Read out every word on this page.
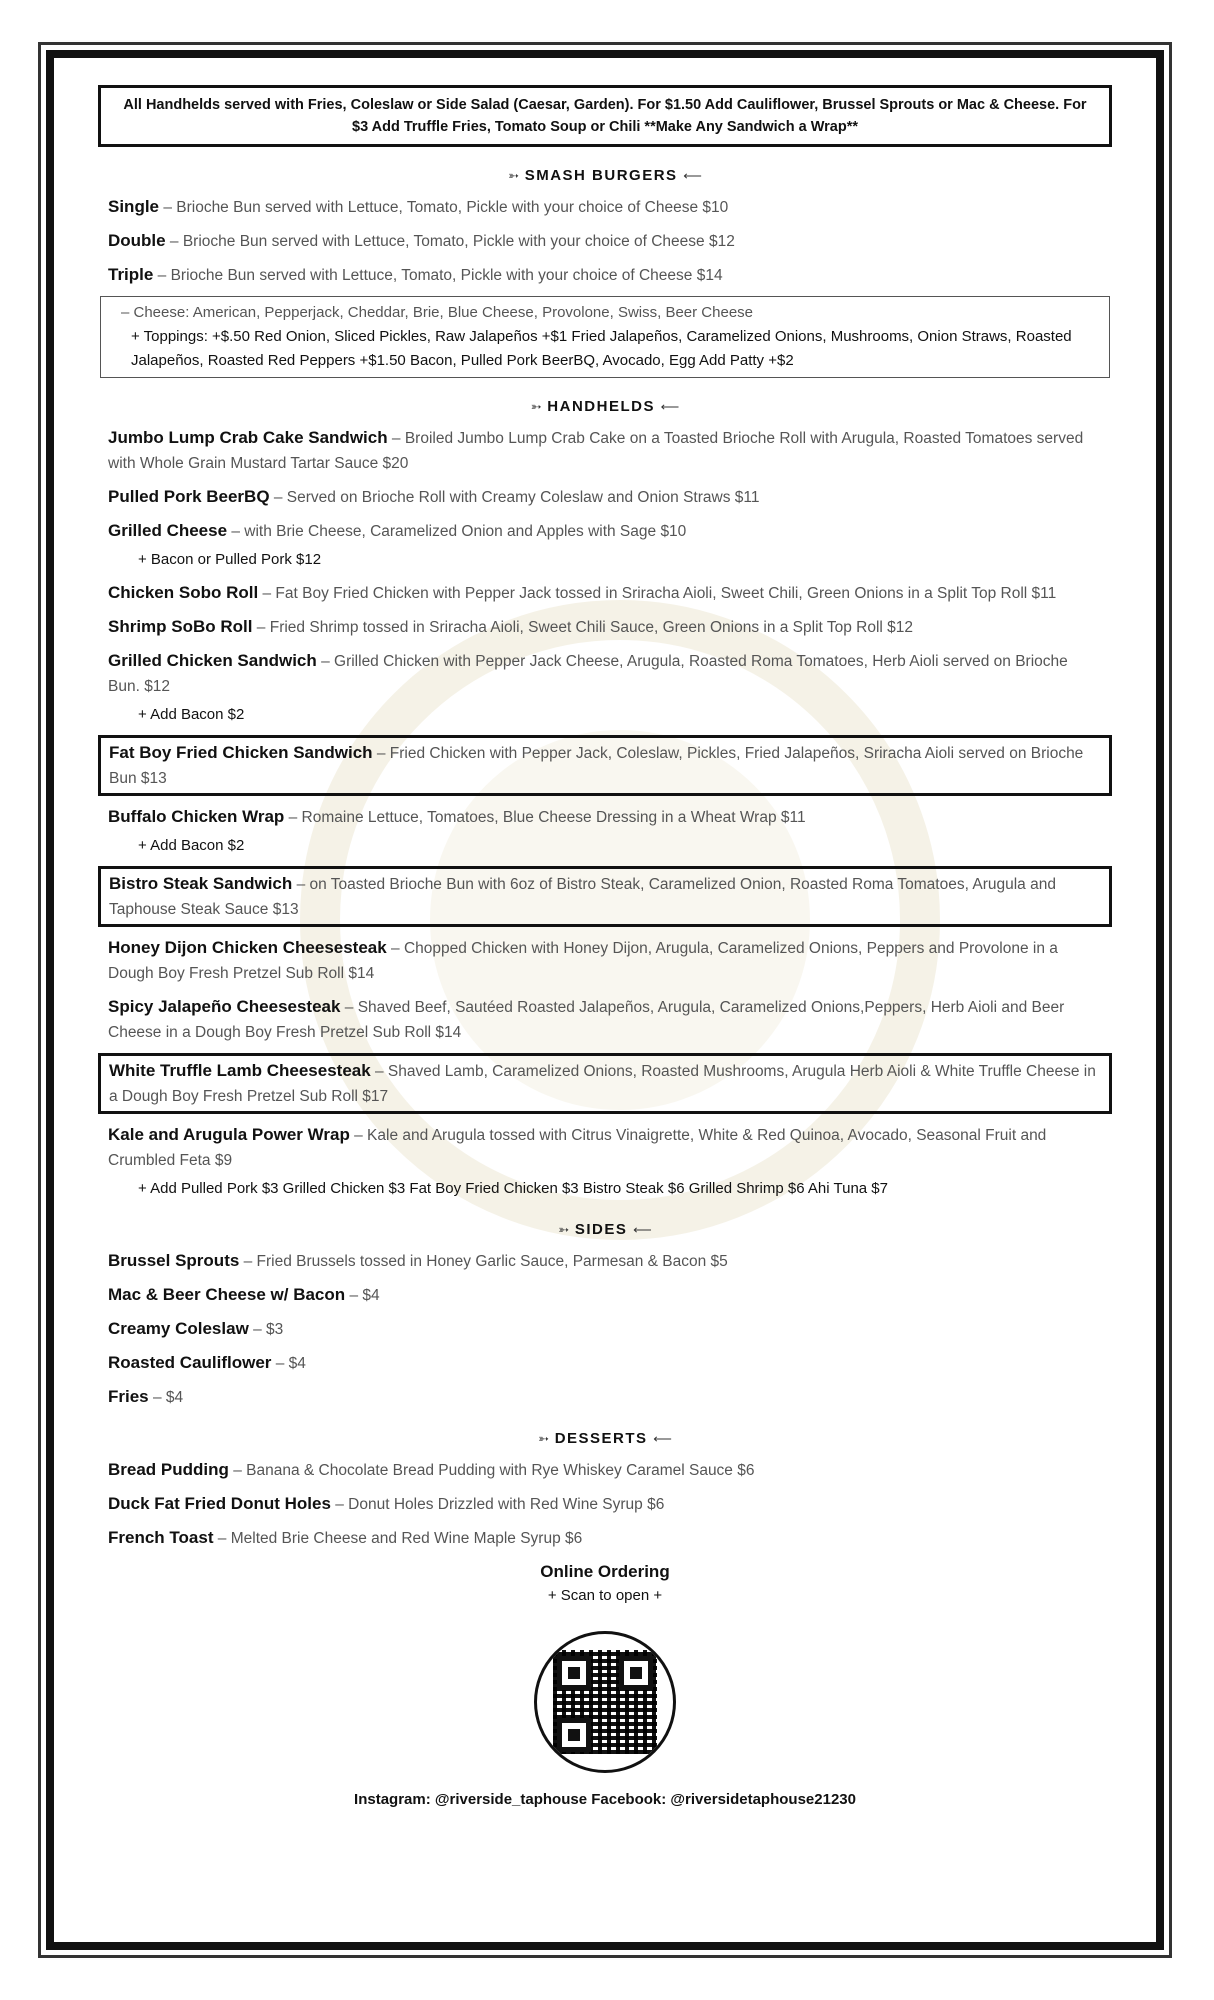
All Handhelds served with Fries, Coleslaw or Side Salad (Caesar, Garden). For $1.50 Add Cauliflower, Brussel Sprouts or Mac & Cheese. For $3 Add Truffle Fries, Tomato Soup or Chili **Make Any Sandwich a Wrap**
➳ SMASH BURGERS ⟵
Single – Brioche Bun served with Lettuce, Tomato, Pickle with your choice of Cheese $10
Double – Brioche Bun served with Lettuce, Tomato, Pickle with your choice of Cheese $12
Triple – Brioche Bun served with Lettuce, Tomato, Pickle with your choice of Cheese $14
– Cheese: American, Pepperjack, Cheddar, Brie, Blue Cheese, Provolone, Swiss, Beer Cheese
+ Toppings: +$.50 Red Onion, Sliced Pickles, Raw Jalapeños +$1 Fried Jalapeños, Caramelized Onions, Mushrooms, Onion Straws, Roasted Jalapeños, Roasted Red Peppers +$1.50 Bacon, Pulled Pork BeerBQ, Avocado, Egg Add Patty +$2
➳ HANDHELDS ⟵
Jumbo Lump Crab Cake Sandwich – Broiled Jumbo Lump Crab Cake on a Toasted Brioche Roll with Arugula, Roasted Tomatoes served with Whole Grain Mustard Tartar Sauce $20
Pulled Pork BeerBQ – Served on Brioche Roll with Creamy Coleslaw and Onion Straws $11
Grilled Cheese – with Brie Cheese, Caramelized Onion and Apples with Sage $10
+ Bacon or Pulled Pork $12
Chicken Sobo Roll – Fat Boy Fried Chicken with Pepper Jack tossed in Sriracha Aioli, Sweet Chili, Green Onions in a Split Top Roll $11
Shrimp SoBo Roll – Fried Shrimp tossed in Sriracha Aioli, Sweet Chili Sauce, Green Onions in a Split Top Roll $12
Grilled Chicken Sandwich – Grilled Chicken with Pepper Jack Cheese, Arugula, Roasted Roma Tomatoes, Herb Aioli served on Brioche Bun. $12
+ Add Bacon $2
Fat Boy Fried Chicken Sandwich – Fried Chicken with Pepper Jack, Coleslaw, Pickles, Fried Jalapeños, Sriracha Aioli served on Brioche Bun $13
Buffalo Chicken Wrap – Romaine Lettuce, Tomatoes, Blue Cheese Dressing in a Wheat Wrap $11
+ Add Bacon $2
Bistro Steak Sandwich – on Toasted Brioche Bun with 6oz of Bistro Steak, Caramelized Onion, Roasted Roma Tomatoes, Arugula and Taphouse Steak Sauce $13
Honey Dijon Chicken Cheesesteak – Chopped Chicken with Honey Dijon, Arugula, Caramelized Onions, Peppers and Provolone in a Dough Boy Fresh Pretzel Sub Roll $14
Spicy Jalapeño Cheesesteak – Shaved Beef, Sautéed Roasted Jalapeños, Arugula, Caramelized Onions,Peppers, Herb Aioli and Beer Cheese in a Dough Boy Fresh Pretzel Sub Roll $14
White Truffle Lamb Cheesesteak – Shaved Lamb, Caramelized Onions, Roasted Mushrooms, Arugula Herb Aioli & White Truffle Cheese in a Dough Boy Fresh Pretzel Sub Roll $17
Kale and Arugula Power Wrap – Kale and Arugula tossed with Citrus Vinaigrette, White & Red Quinoa, Avocado, Seasonal Fruit and Crumbled Feta $9
+ Add Pulled Pork $3 Grilled Chicken $3 Fat Boy Fried Chicken $3 Bistro Steak $6 Grilled Shrimp $6 Ahi Tuna $7
➳ SIDES ⟵
Brussel Sprouts – Fried Brussels tossed in Honey Garlic Sauce, Parmesan & Bacon $5
Mac & Beer Cheese w/ Bacon – $4
Creamy Coleslaw – $3
Roasted Cauliflower – $4
Fries – $4
➳ DESSERTS ⟵
Bread Pudding – Banana & Chocolate Bread Pudding with Rye Whiskey Caramel Sauce $6
Duck Fat Fried Donut Holes – Donut Holes Drizzled with Red Wine Syrup $6
French Toast – Melted Brie Cheese and Red Wine Maple Syrup $6
Online Ordering
+ Scan to open +
Instagram: @riverside_taphouse Facebook: @riversidetaphouse21230
